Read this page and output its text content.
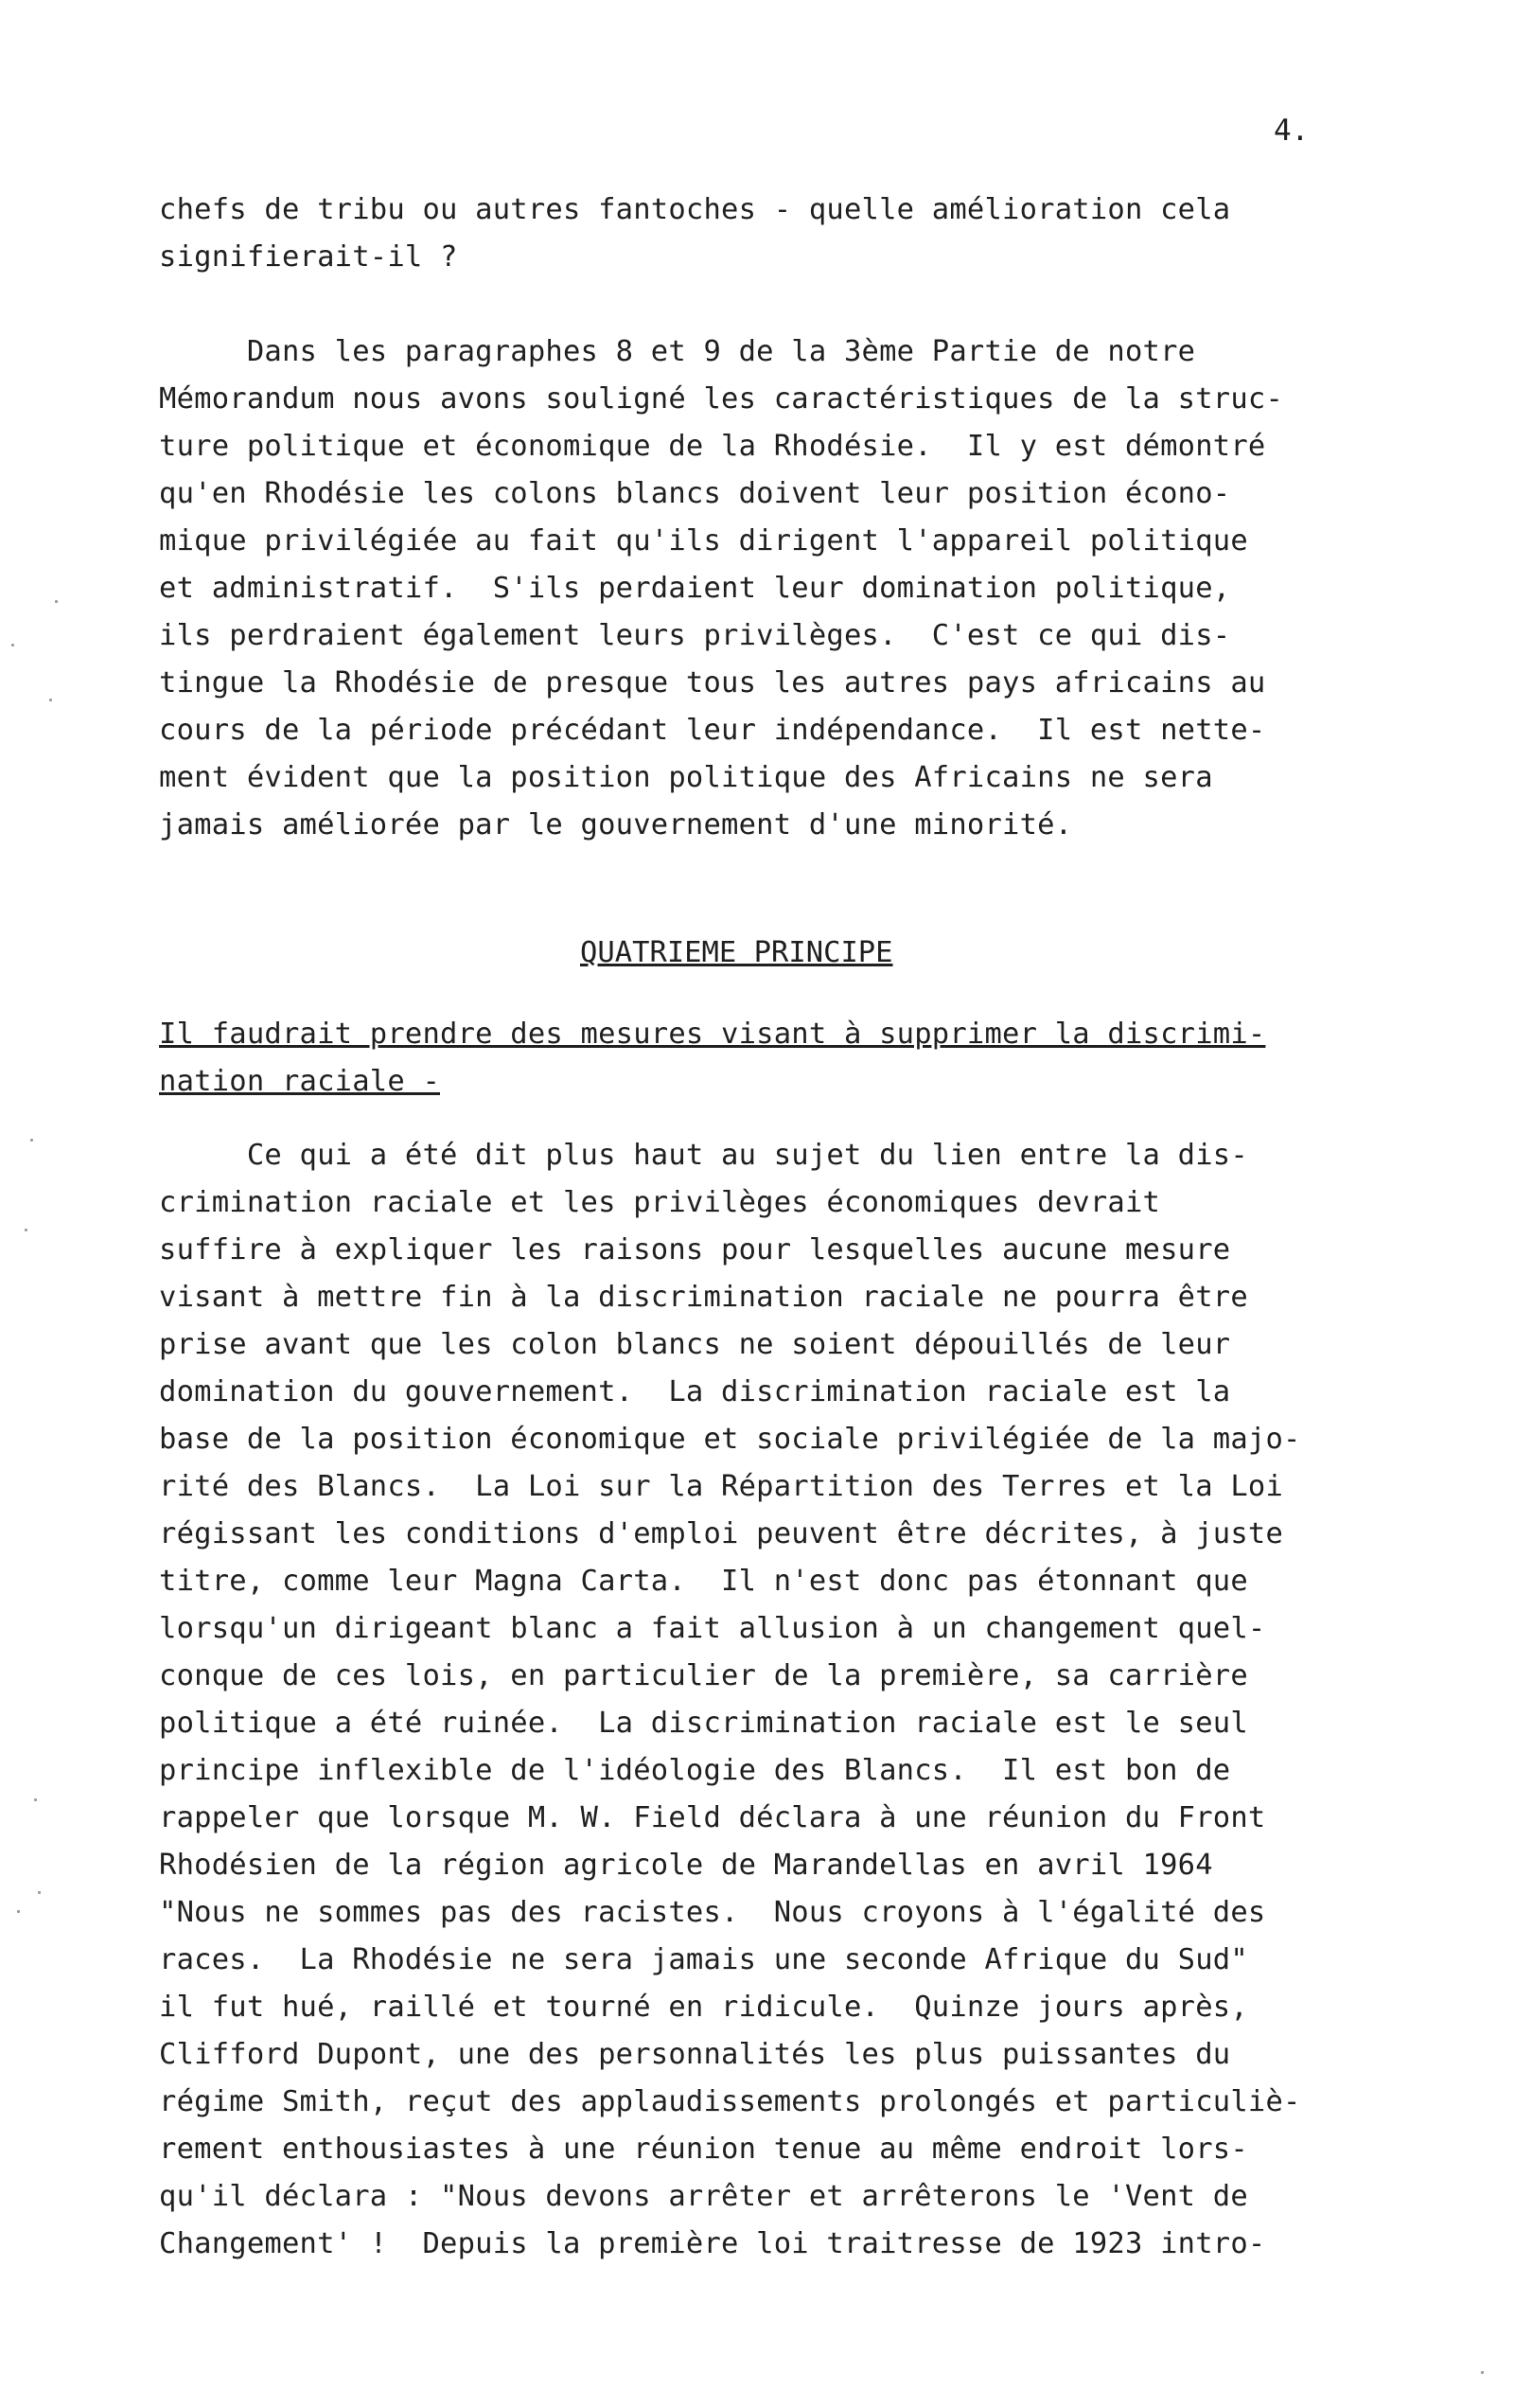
4.
chefs de tribu ou autres fantoches - quelle amélioration cela
signifierait-il ?
Dans les paragraphes 8 et 9 de la 3ème Partie de notre
Mémorandum nous avons souligné les caractéristiques de la struc-
ture politique et économique de la Rhodésie.  Il y est démontré
qu'en Rhodésie les colons blancs doivent leur position écono-
mique privilégiée au fait qu'ils dirigent l'appareil politique
et administratif.  S'ils perdaient leur domination politique,
ils perdraient également leurs privilèges.  C'est ce qui dis-
tingue la Rhodésie de presque tous les autres pays africains au
cours de la période précédant leur indépendance.  Il est nette-
ment évident que la position politique des Africains ne sera
jamais améliorée par le gouvernement d'une minorité.
QUATRIEME PRINCIPE
Il faudrait prendre des mesures visant à supprimer la discrimi-
nation raciale -
Ce qui a été dit plus haut au sujet du lien entre la dis-
crimination raciale et les privilèges économiques devrait
suffire à expliquer les raisons pour lesquelles aucune mesure
visant à mettre fin à la discrimination raciale ne pourra être
prise avant que les colon blancs ne soient dépouillés de leur
domination du gouvernement.  La discrimination raciale est la
base de la position économique et sociale privilégiée de la majo-
rité des Blancs.  La Loi sur la Répartition des Terres et la Loi
régissant les conditions d'emploi peuvent être décrites, à juste
titre, comme leur Magna Carta.  Il n'est donc pas étonnant que
lorsqu'un dirigeant blanc a fait allusion à un changement quel-
conque de ces lois, en particulier de la première, sa carrière
politique a été ruinée.  La discrimination raciale est le seul
principe inflexible de l'idéologie des Blancs.  Il est bon de
rappeler que lorsque M. W. Field déclara à une réunion du Front
Rhodésien de la région agricole de Marandellas en avril 1964
"Nous ne sommes pas des racistes.  Nous croyons à l'égalité des
races.  La Rhodésie ne sera jamais une seconde Afrique du Sud"
il fut hué, raillé et tourné en ridicule.  Quinze jours après,
Clifford Dupont, une des personnalités les plus puissantes du
régime Smith, reçut des applaudissements prolongés et particuliè-
rement enthousiastes à une réunion tenue au même endroit lors-
qu'il déclara : "Nous devons arrêter et arrêterons le 'Vent de
Changement' !  Depuis la première loi traitresse de 1923 intro-
